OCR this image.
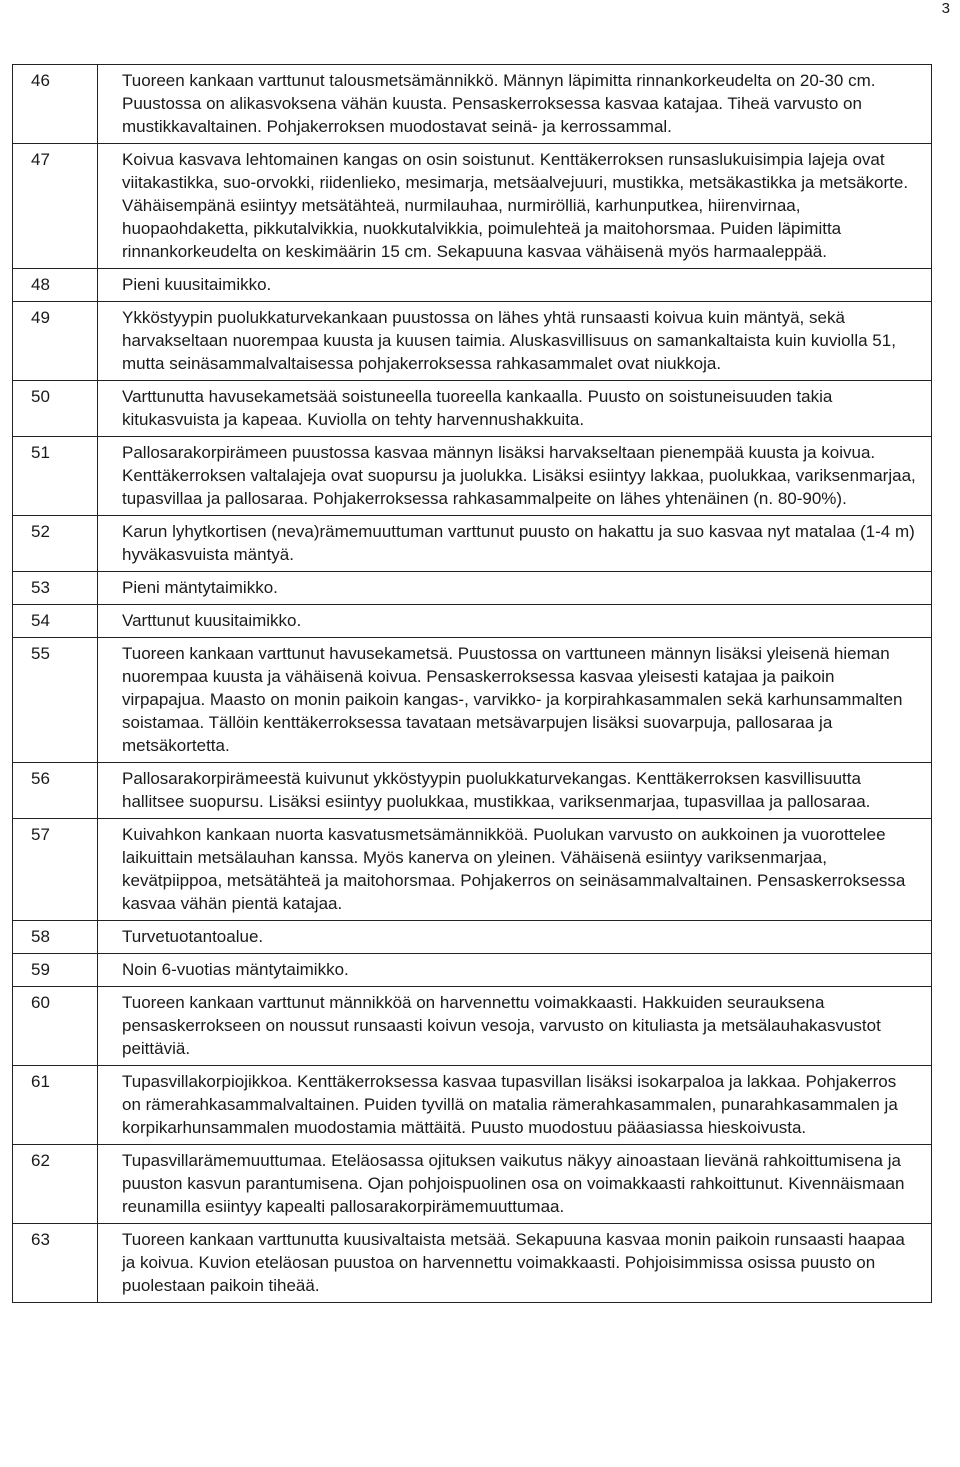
3
46	Tuoreen kankaan varttunut talousmetsämännikkö. Männyn läpimitta rinnankorkeudelta on 20-30 cm. Puustossa on alikasvoksena vähän kuusta. Pensaskerroksessa kasvaa katajaa. Tiheä varvusto on mustikkavaltainen. Pohjakerroksen muodostavat seinä- ja kerrossammal.
47	Koivua kasvava lehtomainen kangas on osin soistunut. Kenttäkerroksen runsaslukuisimpia lajeja ovat viitakastikka, suo-orvokki, riidenlieko, mesimarja, metsäalvejuuri, mustikka, metsäkastikka ja metsäkorte. Vähäisempänä esiintyy metsätähteä, nurmilauhaa, nurmirölliä, karhunputkea, hiirenvirnaa, huopaohdaketta, pikkutalvikkia, nuokkutalvikkia, poimulehteä ja maitohorsmaa. Puiden läpimitta rinnankorkeudelta on keskimäärin 15 cm. Sekapuuna kasvaa vähäisenä myös harmaaleppää.
48	Pieni kuusitaimikko.
49	Ykköstyypin puolukkaturvekankaan puustossa on lähes yhtä runsaasti koivua kuin mäntyä, sekä harvakseltaan nuorempaa kuusta ja kuusen taimia. Aluskasvillisuus on samankaltaista kuin kuviolla 51, mutta seinäsammalvaltaisessa pohjakerroksessa rahkasammalet ovat niukkoja.
50	Varttunutta havusekametsää soistuneella tuoreella kankaalla. Puusto on soistuneisuuden takia kitukasvuista ja kapeaa. Kuviolla on tehty harvennushakkuita.
51	Pallosarakorpirämeen puustossa kasvaa männyn lisäksi harvakseltaan pienempää kuusta ja koivua. Kenttäkerroksen valtalajeja ovat suopursu ja juolukka. Lisäksi esiintyy lakkaa, puolukkaa, variksenmarjaa, tupasvillaa ja pallosaraa. Pohjakerroksessa rahkasammalpeite on lähes yhtenäinen (n. 80-90%).
52	Karun lyhytkortisen (neva)rämemuuttuman varttunut puusto on hakattu ja suo kasvaa nyt matalaa (1-4 m) hyväkasvuista mäntyä.
53	Pieni mäntytaimikko.
54	Varttunut kuusitaimikko.
55	Tuoreen kankaan varttunut havusekametsä. Puustossa on varttuneen männyn lisäksi yleisenä hieman nuorempaa kuusta ja vähäisenä koivua. Pensaskerroksessa kasvaa yleisesti katajaa ja paikoin virpapajua. Maasto on monin paikoin kangas-, varvikko- ja korpirahkasammalen sekä karhunsammalten soistamaa. Tällöin kenttäkerroksessa tavataan metsävarpujen lisäksi suovarpuja, pallosaraa ja metsäkortetta.
56	Pallosarakorpirämeestä kuivunut ykköstyypin puolukkaturvekangas. Kenttäkerroksen kasvillisuutta hallitsee suopursu. Lisäksi esiintyy puolukkaa, mustikkaa, variksenmarjaa, tupasvillaa ja pallosaraa.
57	Kuivahkon kankaan nuorta kasvatusmetsämännikköä. Puolukan varvusto on aukkoinen ja vuorottelee laikuittain metsälauhan kanssa. Myös kanerva on yleinen. Vähäisenä esiintyy variksenmarjaa, kevätpiippoa, metsätähteä ja maitohorsmaa. Pohjakerros on seinäsammalvaltainen. Pensaskerroksessa kasvaa vähän pientä katajaa.
58	Turvetuotantoalue.
59	Noin 6-vuotias mäntytaimikko.
60	Tuoreen kankaan varttunut männikköä on harvennettu voimakkaasti. Hakkuiden seurauksena pensaskerrokseen on noussut runsaasti koivun vesoja, varvusto on kituliasta ja metsälauhakasvustot peittäviä.
61	Tupasvillakorpiojikkoa. Kenttäkerroksessa kasvaa tupasvillan lisäksi isokarpaloa ja lakkaa. Pohjakerros on rämerahkasammalvaltainen. Puiden tyvillä on matalia rämerahkasammalen, punarahkasammalen ja korpikarhunsammalen muodostamia mättäitä. Puusto muodostuu pääasiassa hieskoivusta.
62	Tupasvillarämemuuttumaa. Eteläosassa ojituksen vaikutus näkyy ainoastaan lievänä rahkoittumisena ja puuston kasvun parantumisena. Ojan pohjoispuolinen osa on voimakkaasti rahkoittunut. Kivennäismaan reunamilla esiintyy kapealti pallosarakorpirämemuuttumaa.
63	Tuoreen kankaan varttunutta kuusivaltaista metsää. Sekapuuna kasvaa monin paikoin runsaasti haapaa ja koivua. Kuvion eteläosan puustoa on harvennettu voimakkaasti. Pohjoisimmissa osissa puusto on puolestaan paikoin tiheää.
